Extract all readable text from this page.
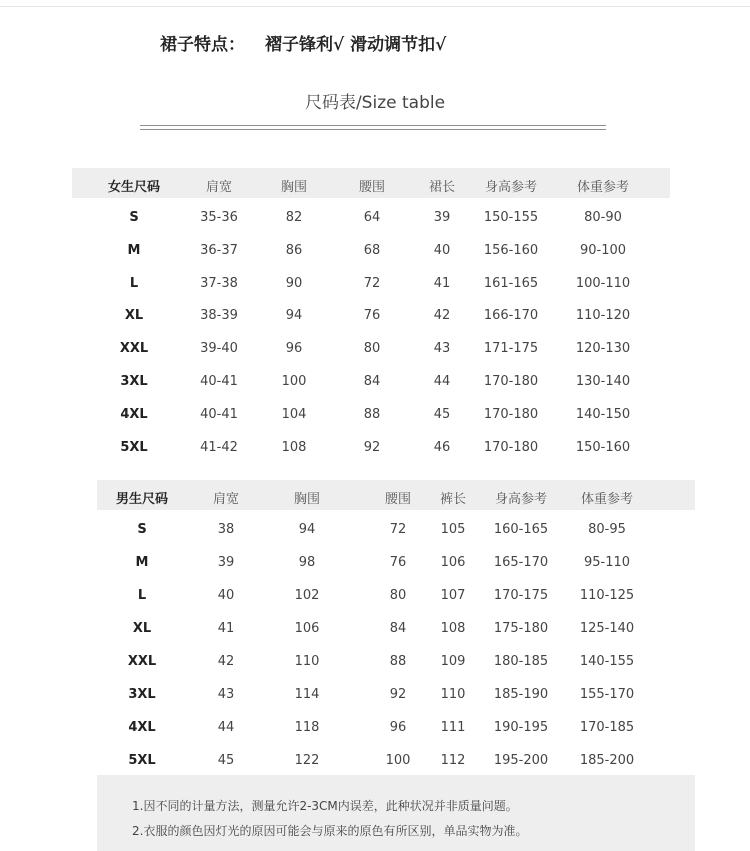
裙子特点： 褶子锋利√ 滑动调节扣√
尺码表/Size table
女生尺码	肩宽	胸围	腰围	裙长 身高参考	体重参考
S	35-36	82	64	39	150-155	80-90
M	36-37	86	68	40	156-160	90-100
L	37-38	90	72	41	161-165	100-110
XL	38-39	94	76	42	166-170	110-120
XXL	39-40	96	80	43	171-175	120-130
3XL	40-41	100	84	44	170-180	130-140
4XL	40-41	104	88	45	170-180	140-150
5XL	41-42	108	92	46	170-180	150-160
男生尺码	肩宽	胸围	腰围 裤长 身高参考	体重参考
S	38	94	72	105 160-165	80-95
M	39	98	76	106 165-170	95-110
L	40	102	80	107 170-175 110-125
XL	41	106	84	108 175-180 125-140
XXL	42	110	88	109 180-185 140-155
3XL	43	114	92	110 185-190 155-170
4XL	44	118	96	111 190-195 170-185
5XL	45	122	100 112 195-200 185-200
1.因不同的计量方法，测量允许2-3CM内误差，此种状况并非质量问题。
2.衣服的颜色因灯光的原因可能会与原来的原色有所区别，单品实物为准。
